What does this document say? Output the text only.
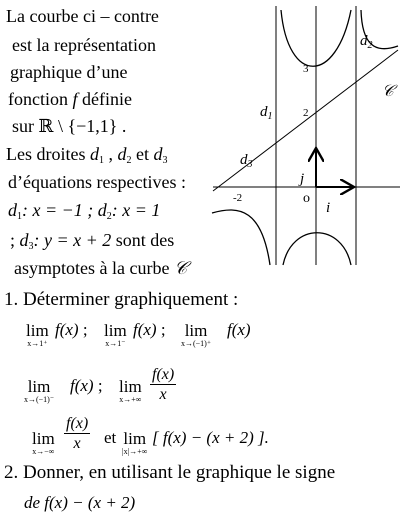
La courbe ci – contre
est la représentation
graphique d’une
fonction f définie
sur ℝ \ {−1,1} .
Les droites $d_1$ , $d_2$ et $d_3$
d’équations respectives :
$d_1$: x = −1 ; $d_2$: x = 1
; $d_3$: y = x + 2 sont des
asymptotes à la curbe 𝒞
$d_1$
$d_2$
$d_3$
𝒞
j
i
o
2
3
-2
1. Déterminer graphiquement :
lim
x→1⁺
f(x) ; lim
x→1⁻
f(x) ; lim
x→(−1)⁺
f(x)
lim
x→(−1)⁻
f(x) ; lim
$x\to+\infty \frac{f(x)}{x}$
lim
$x\to-\infty \frac{f(x)}{x}$ et lim
|x|→+∞
[ f(x) − (x + 2) ].
2. Donner, en utilisant le graphique le signe
de f(x) − (x + 2)
